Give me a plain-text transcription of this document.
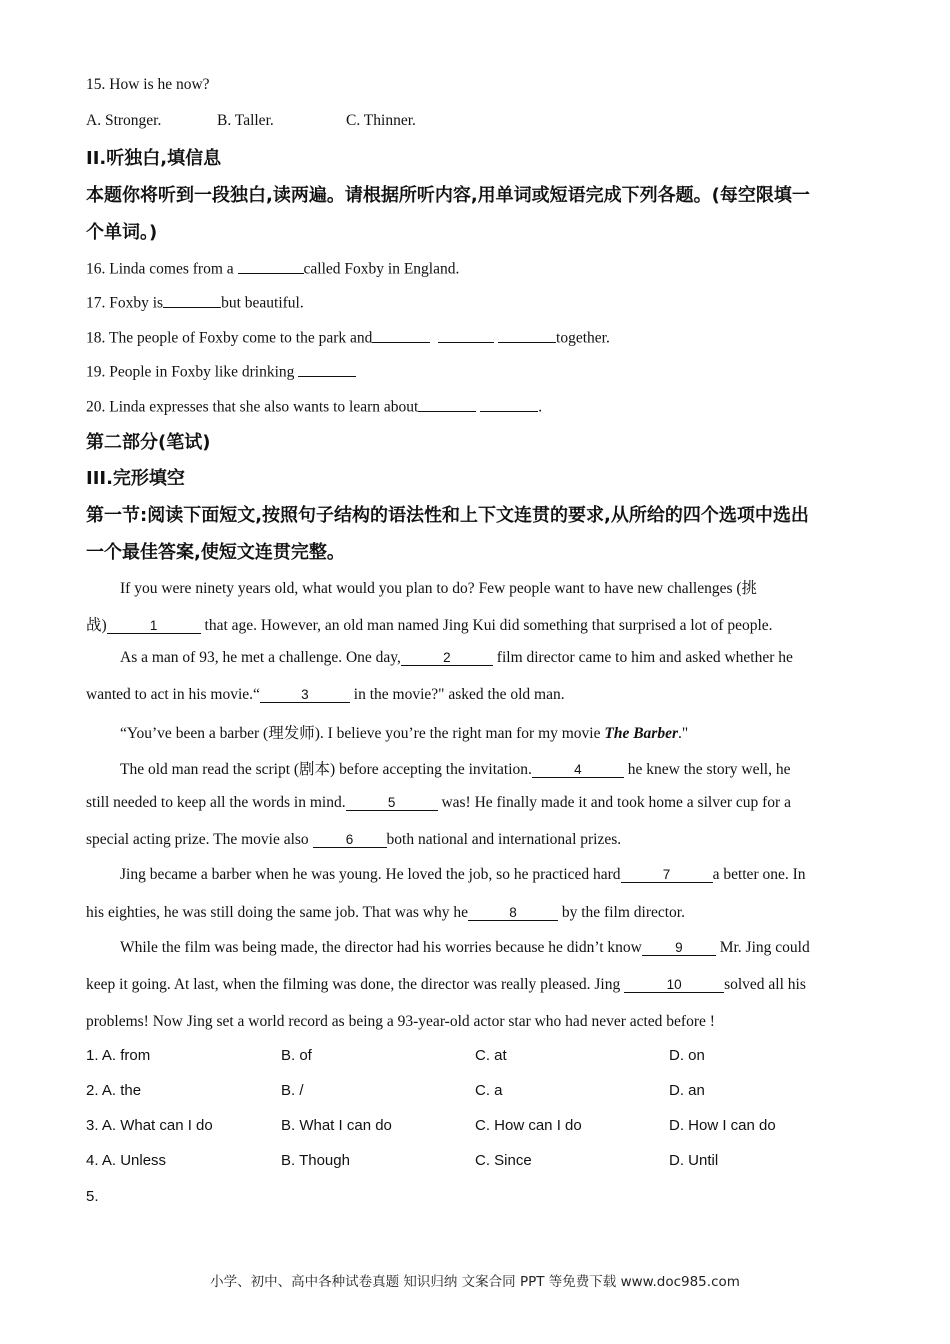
15. How is he now?
A. Stronger.	B. Taller.	C. Thinner.
II.听独白,填信息
本题你将听到一段独白,读两遍。请根据所听内容,用单词或短语完成下列各题。(每空限填一
个单词。)
16. Linda comes from a	called Foxby in England.
17. Foxby is	but beautiful.
18. The people of Foxby come to the park and	together.
19. People in Foxby like drinking
20. Linda expresses that she also wants to learn about	.
第二部分(笔试)
III.完形填空
第一节:阅读下面短文,按照句子结构的语法性和上下文连贯的要求,从所给的四个选项中选出
一个最佳答案,使短文连贯完整。
If you were ninety years old, what would you plan to do? Few people want to have new challenges (挑
战)	1	that age. However, an old man named Jing Kui did something that surprised a lot of people.
As a man of 93, he met a challenge. One day,	2	film director came to him and asked whether he
wanted to act in his movie.“	3	in the movie?" asked the old man.
“You’ve been a barber (理发师). I believe you’re the right man for my movie The Barber."
The old man read the script (剧本) before accepting the invitation.	4	he knew the story well, he
still needed to keep all the words in mind.	5	was! He finally made it and took home a silver cup for a
special acting prize. The movie also 6 both national and international prizes.
Jing became a barber when he was young. He loved the job, so he practiced hard	7	a better one. In
his eighties, he was still doing the same job. That was why he	8	by the film director.
While the film was being made, the director had his worries because he didn’t know 9 Mr. Jing could
keep it going. At last, when the filming was done, the director was really pleased. Jing	10	solved all his
problems! Now Jing set a world record as being a 93-year-old actor star who had never acted before !
1. A. from	B. of	C. at	D. on
2. A. the	B. /	C. a	D. an
3. A. What can I do	B. What I can do	C. How can I do	D. How I can do
4. A. Unless	B. Though	C. Since	D. Until
5.
小学、初中、高中各种试卷真题 知识归纳 文案合同 PPT 等免费下载 www.doc985.com
